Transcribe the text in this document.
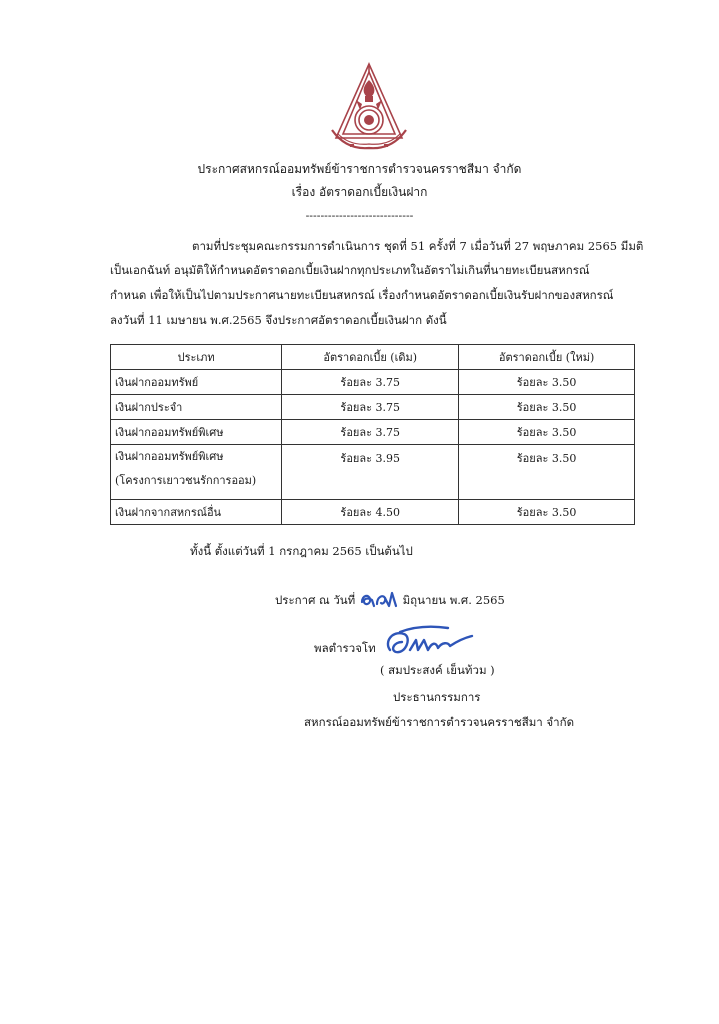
ประกาศสหกรณ์ออมทรัพย์ข้าราชการตำรวจนครราชสีมา จำกัด
เรื่อง อัตราดอกเบี้ยเงินฝาก
-----------------------------
ตามที่ประชุมคณะกรรมการดำเนินการ ชุดที่ 51 ครั้งที่ 7 เมื่อวันที่ 27 พฤษภาคม 2565 มีมติ
เป็นเอกฉันท์ อนุมัติให้กำหนดอัตราดอกเบี้ยเงินฝากทุกประเภทในอัตราไม่เกินที่นายทะเบียนสหกรณ์
กำหนด เพื่อให้เป็นไปตามประกาศนายทะเบียนสหกรณ์ เรื่องกำหนดอัตราดอกเบี้ยเงินรับฝากของสหกรณ์
ลงวันที่ 11 เมษายน พ.ศ.2565 จึงประกาศอัตราดอกเบี้ยเงินฝาก ดังนี้
ประเภท	อัตราดอกเบี้ย (เดิม)	อัตราดอกเบี้ย (ใหม่)
เงินฝากออมทรัพย์	ร้อยละ 3.75	ร้อยละ 3.50
เงินฝากประจำ	ร้อยละ 3.75	ร้อยละ 3.50
เงินฝากออมทรัพย์พิเศษ	ร้อยละ 3.75	ร้อยละ 3.50

เงินฝากออมทรัพย์พิเศษ
(โครงการเยาวชนรักการออม)	ร้อยละ 3.95	ร้อยละ 3.50
เงินฝากจากสหกรณ์อื่น	ร้อยละ 4.50	ร้อยละ 3.50
ทั้งนี้ ตั้งแต่วันที่ 1 กรกฎาคม 2565 เป็นต้นไป
ประกาศ ณ วันที่	มิถุนายน พ.ศ. 2565
พลตำรวจโท
( สมประสงค์ เย็นท้วม )
ประธานกรรมการ
สหกรณ์ออมทรัพย์ข้าราชการตำรวจนครราชสีมา จำกัด
